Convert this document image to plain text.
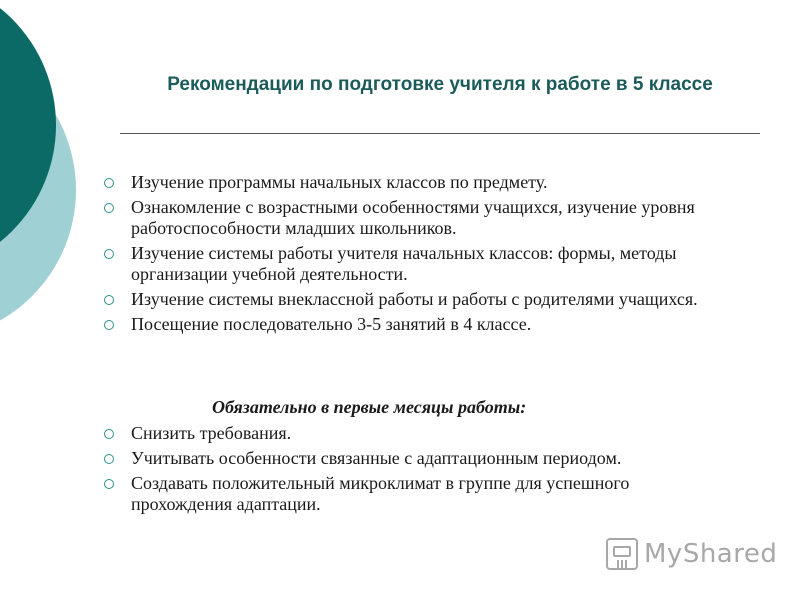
Рекомендации по подготовке учителя к работе в 5 классе
Изучение программы начальных классов по предмету.
Ознакомление с возрастными особенностями учащихся, изучение уровня работоспособности младших школьников.
Изучение системы работы учителя начальных классов: формы, методы организации учебной деятельности.
Изучение системы внеклассной работы и работы с родителями учащихся.
Посещение последовательно 3-5 занятий в 4 классе.
Обязательно в первые месяцы работы:
Снизить требования.
Учитывать особенности связанные с адаптационным периодом.
Создавать положительный микроклимат в группе для успешного прохождения адаптации.
MyShared
